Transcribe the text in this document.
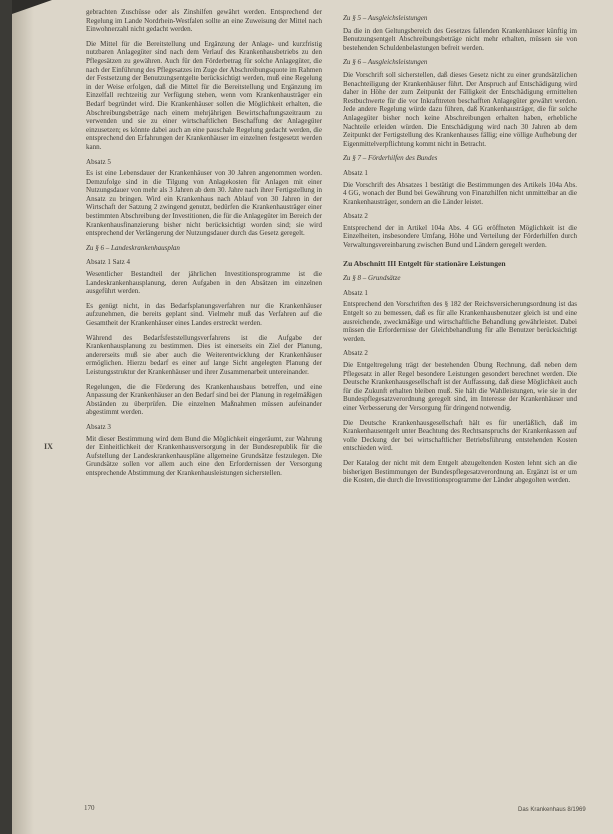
gebrachten Zuschüsse oder als Zinshilfen gewährt werden. Entsprechend der Regelung im Lande Nordrhein-Westfalen sollte an eine Zuweisung der Mittel nach Einwohnerzahl nicht gedacht werden.

Die Mittel für die Bereitstellung und Ergänzung der Anlage- und kurzfristig nutzbaren Anlagegüter sind nach dem Verlauf des Krankenhausbetriebs zu den Pflegesätzen zu gewähren. Auch für den Förderbetrag für solche Anlagegüter, die nach der Einführung des Pflegesatzes im Zuge der Abschreibungsquote im Rahmen der Festsetzung der Benutzungsentgelte berücksichtigt werden, muß eine Regelung in der Weise erfolgen, daß die Mittel für die Bereitstellung und Ergänzung im Einzelfall rechtzeitig zur Verfügung stehen, wenn vom Krankenhausträger ein Bedarf begründet wird. Die Krankenhäuser sollen die Möglichkeit erhalten, die Abschreibungsbeträge nach einem mehrjährigen Bewirtschaftungszeitraum zu verwenden und sie zu einer wirtschaftlichen Beschaffung der Anlagegüter einzusetzen; es könnte dabei auch an eine pauschale Regelung gedacht werden, die entsprechend den Erfahrungen der Krankenhäuser im einzelnen festgesetzt werden kann.

Absatz 5

Es ist eine Lebensdauer der Krankenhäuser von 30 Jahren angenommen worden. Demzufolge sind in die Tilgung von Anlagekosten für Anlagen mit einer Nutzungsdauer von mehr als 3 Jahren ab dem 30. Jahre nach ihrer Fertigstellung in Ansatz zu bringen. Wird ein Krankenhaus nach Ablauf von 30 Jahren in der Wirtschaft der Satzung 2 zwingend genutzt, bedürfen die Krankenhausträger einer bestimmten Abschreibung der Investitionen, die für die Anlagegüter im Bereich der Krankenhausfinanzierung bisher nicht berücksichtigt worden sind; sie wird entsprechend der Verlängerung der Nutzungsdauer durch das Gesetz geregelt.

Zu § 6 – Landeskrankenhausplan
Absatz 1 Satz 4

Wesentlicher Bestandteil der jährlichen Investitionsprogramme ist die Landeskrankenhausplanung, deren Aufgaben in den Absätzen im einzelnen ausgeführt werden.

Es genügt nicht, in das Bedarfsplanungsverfahren nur die Krankenhäuser aufzunehmen, die bereits geplant sind. Vielmehr muß das Verfahren auf die Gesamtheit der Krankenhäuser eines Landes erstreckt werden.

Während des Bedarfsfeststellungsverfahrens ist die Aufgabe der Krankenhausplanung zu bestimmen. Dies ist einerseits ein Ziel der Planung, andererseits muß sie aber auch die Weiterentwicklung der Krankenhäuser ermöglichen. Hierzu bedarf es einer auf lange Sicht angelegten Planung der Leistungsstruktur der Krankenhäuser und ihrer Zusammenarbeit untereinander.

Regelungen, die die Förderung des Krankenhausbaus betreffen, und eine Anpassung der Krankenhäuser an den Bedarf sind bei der Planung in regelmäßigen Abständen zu überprüfen. Die einzelnen Maßnahmen müssen aufeinander abgestimmt werden.

Absatz 3

Mit dieser Bestimmung wird dem Bund die Möglichkeit eingeräumt, zur Wahrung der Einheitlichkeit der Krankenhausversorgung in der Bundesrepublik für die Aufstellung der Landeskrankenhauspläne allgemeine Grundsätze festzulegen. Die Grundsätze sollen vor allem auch eine den Erfordernissen der Versorgung entsprechende Abstimmung der Krankenhausleistungen sicherstellen.

Zu § 5 – Ausgleichsleistungen

Da die in den Geltungsbereich des Gesetzes fallenden Krankenhäuser künftig im Benutzungsentgelt Abschreibungsbeträge nicht mehr erhalten, müssen sie von bestehenden Schuldenbelastungen befreit werden.

Zu § 6 – Ausgleichsleistungen

Die Vorschrift soll sicherstellen, daß dieses Gesetz nicht zu einer grundsätzlichen Benachteiligung der Krankenhäuser führt. Der Anspruch auf Entschädigung wird daher in Höhe der zum Zeitpunkt der Fälligkeit der Entschädigung ermittelten Restbuchwerte für die vor Inkrafttreten beschafften Anlagegüter gewährt werden. Jede andere Regelung würde dazu führen, daß Krankenhausträger, die für solche Anlagegüter bisher noch keine Abschreibungen erhalten haben, erhebliche Nachteile erleiden würden. Die Entschädigung wird nach 30 Jahren ab dem Zeitpunkt der Fertigstellung des Krankenhauses fällig; eine völlige Aufhebung der Eigenmittelverpflichtung kommt nicht in Betracht.

Zu § 7 – Förderhilfen des Bundes
Absatz 1

Die Vorschrift des Absatzes 1 bestätigt die Bestimmungen des Artikels 104a Abs. 4 GG, wonach der Bund bei Gewährung von Finanzhilfen nicht unmittelbar an die Krankenhausträger, sondern an die Länder leistet.

Absatz 2

Entsprechend der in Artikel 104a Abs. 4 GG eröffneten Möglichkeit ist die Einzelheiten, insbesondere Umfang, Höhe und Verteilung der Förderhilfen durch Verwaltungsvereinbarung zwischen Bund und Ländern geregelt werden.

Zu Abschnitt III Entgelt für stationäre Leistungen
Zu § 8 – Grundsätze
Absatz 1

Entsprechend den Vorschriften des § 182 der Reichsversicherungsordnung ist das Entgelt so zu bemessen, daß es für alle Krankenhausbenutzer gleich ist und eine ausreichende, zweckmäßige und wirtschaftliche Behandlung gewährleistet. Dabei müssen die Erfordernisse der Gleichbehandlung für alle Benutzer berücksichtigt werden.

Absatz 2

Die Entgeltregelung trägt der bestehenden Übung Rechnung, daß neben dem Pflegesatz in aller Regel besondere Leistungen gesondert berechnet werden. Die Deutsche Krankenhausgesellschaft ist der Auffassung, daß diese Möglichkeit auch für die Zukunft erhalten bleiben muß. Sie hält die Wahlleistungen, wie sie in der Bundespflegesatzverordnung geregelt sind, im Interesse der Krankenhäuser und einer Verbesserung der Versorgung für dringend notwendig.

Die Deutsche Krankenhausgesellschaft hält es für unerläßlich, daß im Krankenhausentgelt unter Beachtung des Rechtsanspruchs der Krankenkassen auf volle Deckung der bei wirtschaftlicher Betriebsführung entstehenden Kosten entschieden wird.

Der Katalog der nicht mit dem Entgelt abzugeltenden Kosten lehnt sich an die bisherigen Bestimmungen der Bundespflegesatzverordnung an. Ergänzt ist er um die Kosten, die durch die Investitionsprogramme der Länder abgegolten werden.

IX
170	Das Krankenhaus 8/1969
